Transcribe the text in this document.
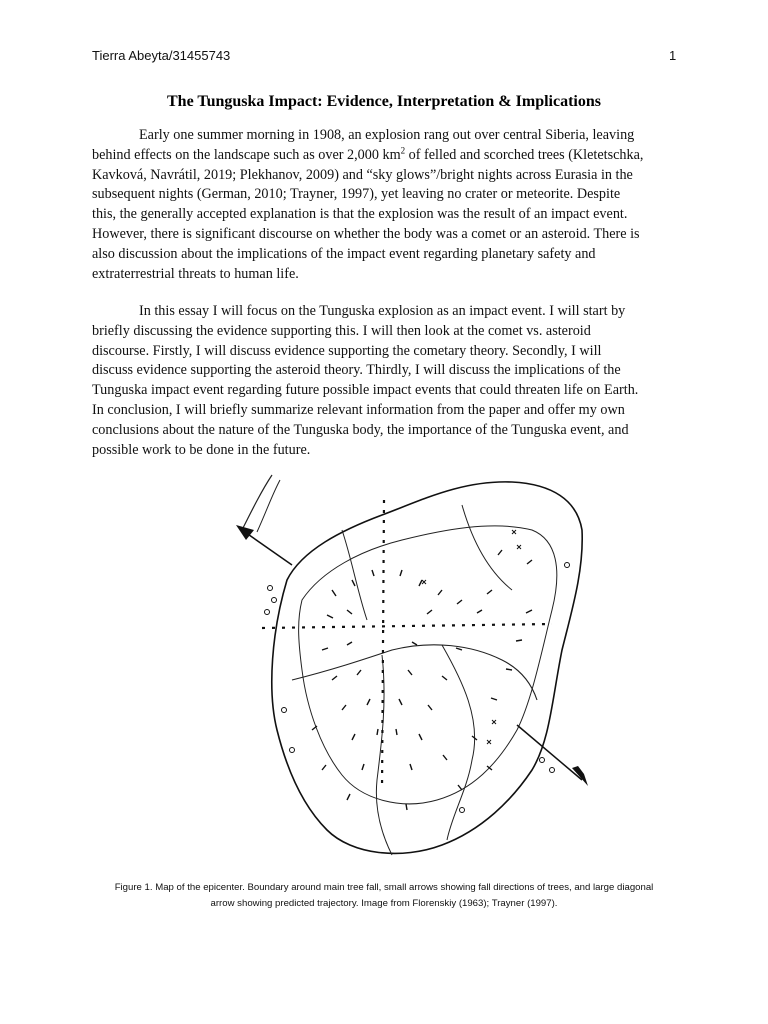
Tierra Abeyta/31455743	1
The Tunguska Impact: Evidence, Interpretation & Implications

Early one summer morning in 1908, an explosion rang out over central Siberia, leaving
behind effects on the landscape such as over 2,000 $km^2$ of felled and scorched trees (Kletetschka,
Kavková, Navrátil, 2019; Plekhanov, 2009) and “sky glows”/bright nights across Eurasia in the
subsequent nights (German, 2010; Trayner, 1997), yet leaving no crater or meteorite. Despite
this, the generally accepted explanation is that the explosion was the result of an impact event.
However, there is significant discourse on whether the body was a comet or an asteroid. There is
also discussion about the implications of the impact event regarding planetary safety and
extraterrestrial threats to human life.

In this essay I will focus on the Tunguska explosion as an impact event. I will start by
briefly discussing the evidence supporting this. I will then look at the comet vs. asteroid
discourse. Firstly, I will discuss evidence supporting the cometary theory. Secondly, I will
discuss evidence supporting the asteroid theory. Thirdly, I will discuss the implications of the
Tunguska impact event regarding future possible impact events that could threaten life on Earth.
In conclusion, I will briefly summarize relevant information from the paper and offer my own
conclusions about the nature of the Tunguska body, the importance of the Tunguska event, and
possible work to be done in the future.

Figure 1. Map of the epicenter. Boundary around main tree fall, small arrows showing fall directions of trees, and large diagonal
arrow showing predicted trajectory. Image from Florenskiy (1963); Trayner (1997).
